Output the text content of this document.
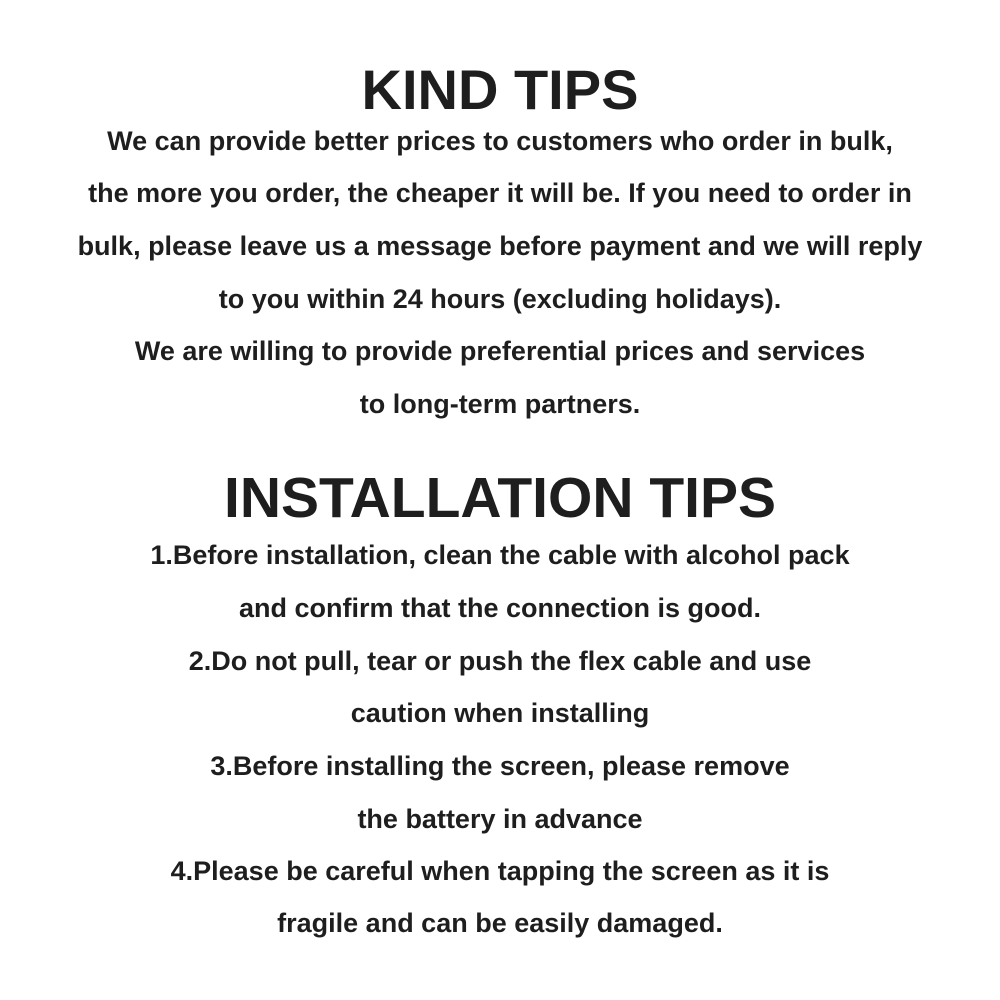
KIND TIPS
We can provide better prices to customers who order in bulk,
the more you order, the cheaper it will be. If you need to order in
bulk, please leave us a message before payment and we will reply
to you within 24 hours (excluding holidays).
We are willing to provide preferential prices and services
to long-term partners.
INSTALLATION TIPS
1.Before installation, clean the cable with alcohol pack
and confirm that the connection is good.
2.Do not pull, tear or push the flex cable and use
caution when installing
3.Before installing the screen, please remove
the battery in advance
4.Please be careful when tapping the screen as it is
fragile and can be easily damaged.
